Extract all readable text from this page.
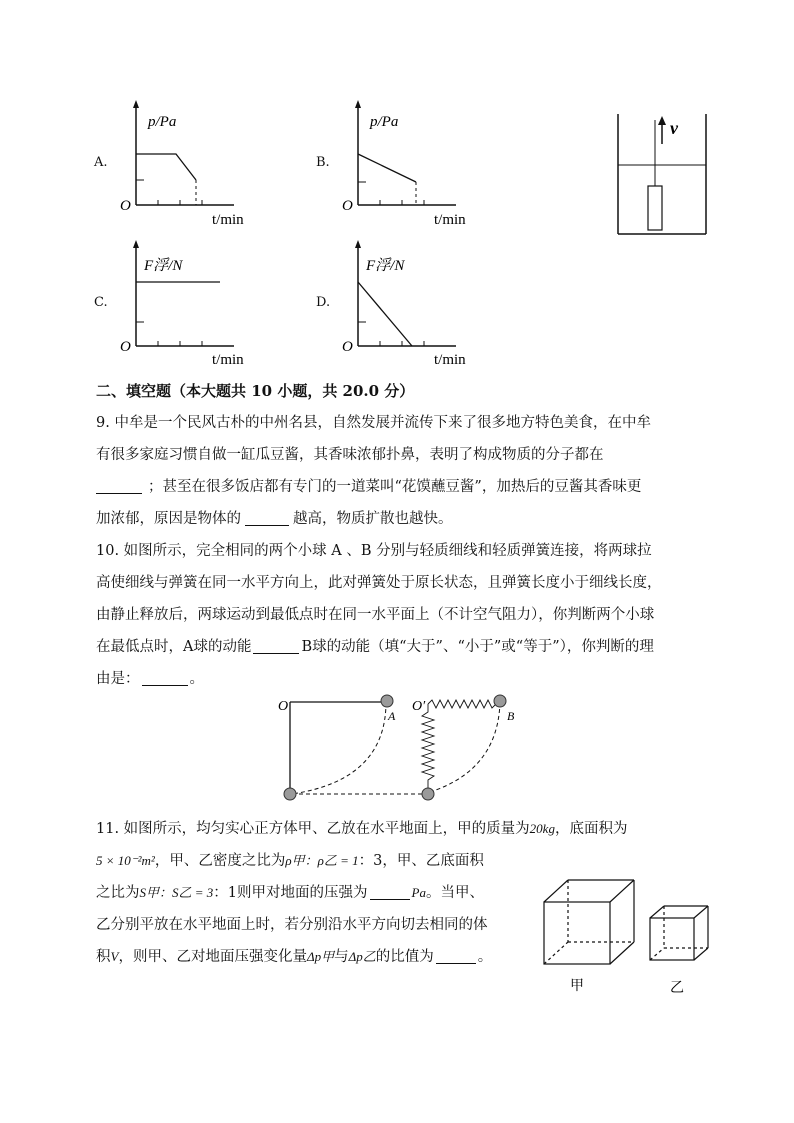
A.
p/Pa
O
t/min
B.
p/Pa
O
t/min
C.
F浮/N
O
t/min
D.
F浮/N
O
t/min
v
二、填空题（本大题共 10 小题，共 20.0 分）
9. 中牟是一个民风古朴的中州名县，自然发展并流传下来了很多地方特色美食，在中牟
有很多家庭习惯自做一缸瓜豆酱，其香味浓郁扑鼻，表明了构成物质的分子都在
；甚至在很多饭店都有专门的一道菜叫“花馍蘸豆酱”，加热后的豆酱其香味更
加浓郁，原因是物体的	越高，物质扩散也越快。
10. 如图所示，完全相同的两个小球 A 、B 分别与轻质细线和轻质弹簧连接，将两球拉
高使细线与弹簧在同一水平方向上，此对弹簧处于原长状态，且弹簧长度小于细线长度，
由静止释放后，两球运动到最低点时在同一水平面上（不计空气阻力），你判断两个小球
在最低点时，A球的动能	B球的动能（填“大于”、“小于”或“等于”），你判断的理
由是：	。
O	O′
A	B
11. 如图所示，均匀实心正方体甲、乙放在水平地面上，甲的质量为20kg，底面积为
5 × 10⁻²m²，甲、乙密度之比为ρ甲：ρ乙 = 1：3，甲、乙底面积
之比为S甲：S乙 = 3：1则甲对地面的压强为	Pa。当甲、
乙分别平放在水平地面上时，若分别沿水平方向切去相同的体
积V，则甲、乙对地面压强变化量Δp甲与Δp乙的比值为	。
甲	乙
